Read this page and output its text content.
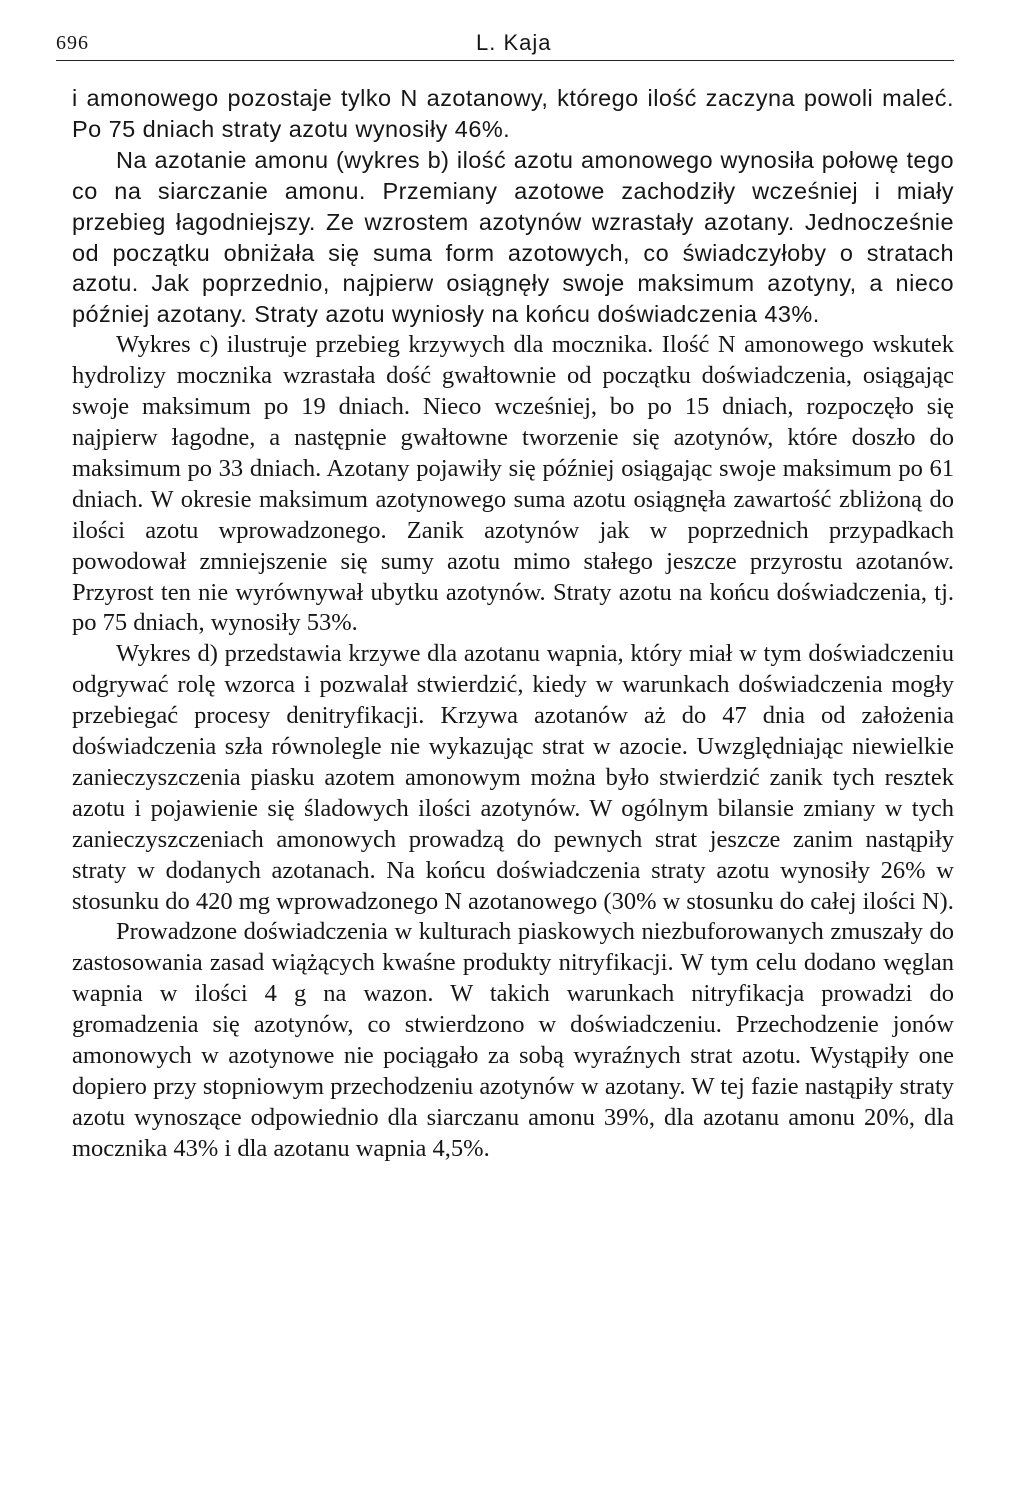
696	L. Kaja

i amonowego pozostaje tylko N azotanowy, którego ilość zaczyna powoli maleć. Po 75 dniach straty azotu wynosiły 46%.

Na azotanie amonu (wykres b) ilość azotu amonowego wynosiła połowę tego co na siarczanie amonu. Przemiany azotowe zachodziły wcześniej i miały przebieg łagodniejszy. Ze wzrostem azotynów wzrastały azotany. Jednocześnie od początku obniżała się suma form azotowych, co świadczyłoby o stratach azotu. Jak poprzednio, najpierw osiągnęły swoje maksimum azotyny, a nieco później azotany. Straty azotu wyniosły na końcu doświadczenia 43%.

Wykres c) ilustruje przebieg krzywych dla mocznika. Ilość N amonowego wskutek hydrolizy mocznika wzrastała dość gwałtownie od początku doświadczenia, osiągając swoje maksimum po 19 dniach. Nieco wcześniej, bo po 15 dniach, rozpoczęło się najpierw łagodne, a następnie gwałtowne tworzenie się azotynów, które doszło do maksimum po 33 dniach. Azotany pojawiły się później osiągając swoje maksimum po 61 dniach. W okresie maksimum azotynowego suma azotu osiągnęła zawartość zbliżoną do ilości azotu wprowadzonego. Zanik azotynów jak w poprzednich przypadkach powodował zmniejszenie się sumy azotu mimo stałego jeszcze przyrostu azotanów. Przyrost ten nie wyrównywał ubytku azotynów. Straty azotu na końcu doświadczenia, tj. po 75 dniach, wynosiły 53%.

Wykres d) przedstawia krzywe dla azotanu wapnia, który miał w tym doświadczeniu odgrywać rolę wzorca i pozwalał stwierdzić, kiedy w warunkach doświadczenia mogły przebiegać procesy denitryfikacji. Krzywa azotanów aż do 47 dnia od założenia doświadczenia szła równolegle nie wykazując strat w azocie. Uwzględniając niewielkie zanieczyszczenia piasku azotem amonowym można było stwierdzić zanik tych resztek azotu i pojawienie się śladowych ilości azotynów. W ogólnym bilansie zmiany w tych zanieczyszczeniach amonowych prowadzą do pewnych strat jeszcze zanim nastąpiły straty w dodanych azotanach. Na końcu doświadczenia straty azotu wynosiły 26% w stosunku do 420 mg wprowadzonego N azotanowego (30% w stosunku do całej ilości N).

Prowadzone doświadczenia w kulturach piaskowych niezbuforowanych zmuszały do zastosowania zasad wiążących kwaśne produkty nitryfikacji. W tym celu dodano węglan wapnia w ilości 4 g na wazon. W takich warunkach nitryfikacja prowadzi do gromadzenia się azotynów, co stwierdzono w doświadczeniu. Przechodzenie jonów amonowych w azotynowe nie pociągało za sobą wyraźnych strat azotu. Wystąpiły one dopiero przy stopniowym przechodzeniu azotynów w azotany. W tej fazie nastąpiły straty azotu wynoszące odpowiednio dla siarczanu amonu 39%, dla azotanu amonu 20%, dla mocznika 43% i dla azotanu wapnia 4,5%.
